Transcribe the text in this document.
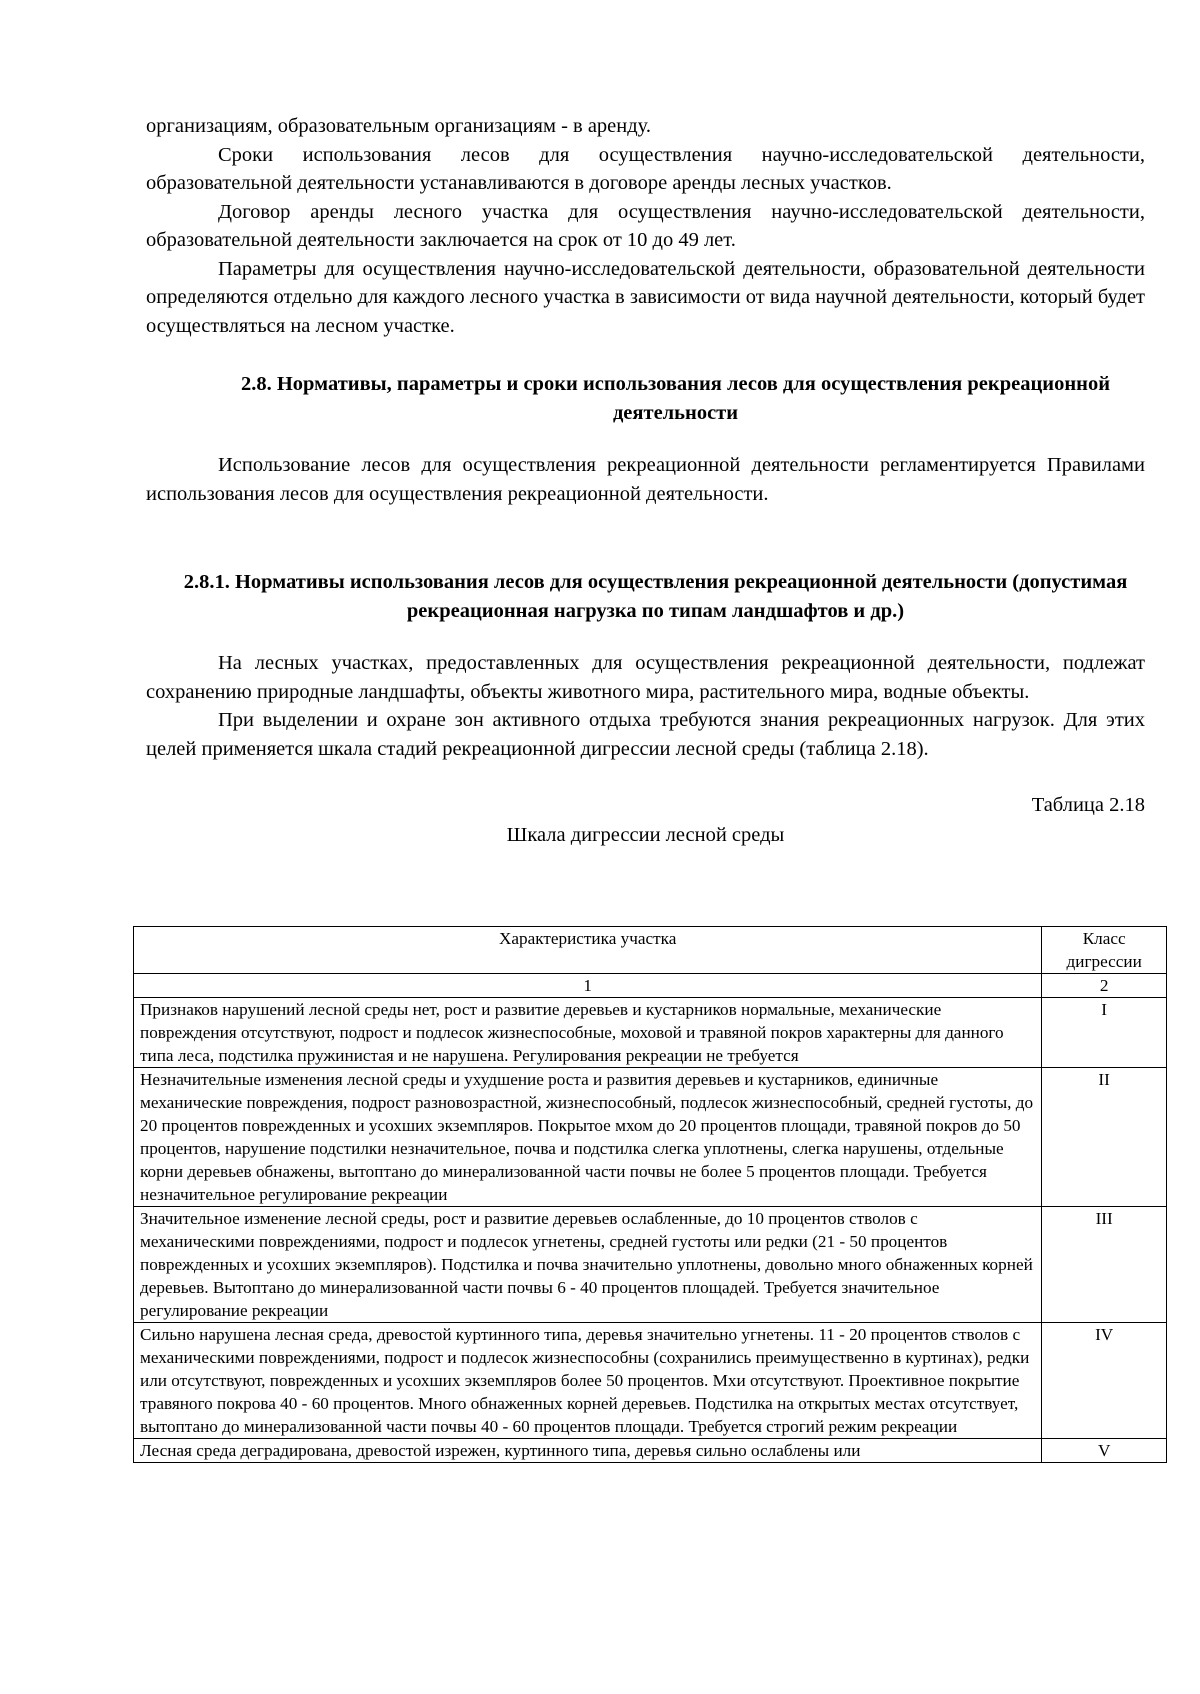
организациям, образовательным организациям - в аренду.

Сроки использования лесов для осуществления научно-исследовательской деятельности, образовательной деятельности устанавливаются в договоре аренды лесных участков.

Договор аренды лесного участка для осуществления научно-исследовательской деятельности, образовательной деятельности заключается на срок от 10 до 49 лет.

Параметры для осуществления научно-исследовательской деятельности, образовательной деятельности определяются отдельно для каждого лесного участка в зависимости от вида научной деятельности, который будет осуществляться на лесном участке.

2.8. Нормативы, параметры и сроки использования лесов для осуществления рекреационной деятельности

Использование лесов для осуществления рекреационной деятельности регламентируется Правилами использования лесов для осуществления рекреационной деятельности.

2.8.1. Нормативы использования лесов для осуществления рекреационной деятельности (допустимая рекреационная нагрузка по типам ландшафтов и др.)

На лесных участках, предоставленных для осуществления рекреационной деятельности, подлежат сохранению природные ландшафты, объекты животного мира, растительного мира, водные объекты.

При выделении и охране зон активного отдыха требуются знания рекреационных нагрузок. Для этих целей применяется шкала стадий рекреационной дигрессии лесной среды (таблица 2.18).

Таблица 2.18
Шкала дигрессии лесной среды
Характеристика участка	Класс дигрессии
1	2
Признаков нарушений лесной среды нет, рост и развитие деревьев и кустарников нормальные, механические повреждения отсутствуют, подрост и подлесок жизнеспособные, моховой и травяной покров характерны для данного типа леса, подстилка пружинистая и не нарушена. Регулирования рекреации не требуется	I
Незначительные изменения лесной среды и ухудшение роста и развития деревьев и кустарников, единичные механические повреждения, подрост разновозрастной, жизнеспособный, подлесок жизнеспособный, средней густоты, до 20 процентов поврежденных и усохших экземпляров. Покрытое мхом до 20 процентов площади, травяной покров до 50 процентов, нарушение подстилки незначительное, почва и подстилка слегка уплотнены, слегка нарушены, отдельные корни деревьев обнажены, вытоптано до минерализованной части почвы не более 5 процентов площади. Требуется незначительное регулирование рекреации	II
Значительное изменение лесной среды, рост и развитие деревьев ослабленные, до 10 процентов стволов с механическими повреждениями, подрост и подлесок угнетены, средней густоты или редки (21 - 50 процентов поврежденных и усохших экземпляров). Подстилка и почва значительно уплотнены, довольно много обнаженных корней деревьев. Вытоптано до минерализованной части почвы 6 - 40 процентов площадей. Требуется значительное регулирование рекреации	III
Сильно нарушена лесная среда, древостой куртинного типа, деревья значительно угнетены. 11 - 20 процентов стволов с механическими повреждениями, подрост и подлесок жизнеспособны (сохранились преимущественно в куртинах), редки или отсутствуют, поврежденных и усохших экземпляров более 50 процентов. Мхи отсутствуют. Проективное покрытие травяного покрова 40 - 60 процентов. Много обнаженных корней деревьев. Подстилка на открытых местах отсутствует, вытоптано до минерализованной части почвы 40 - 60 процентов площади. Требуется строгий режим рекреации	IV
Лесная среда деградирована, древостой изрежен, куртинного типа, деревья сильно ослаблены или	V
